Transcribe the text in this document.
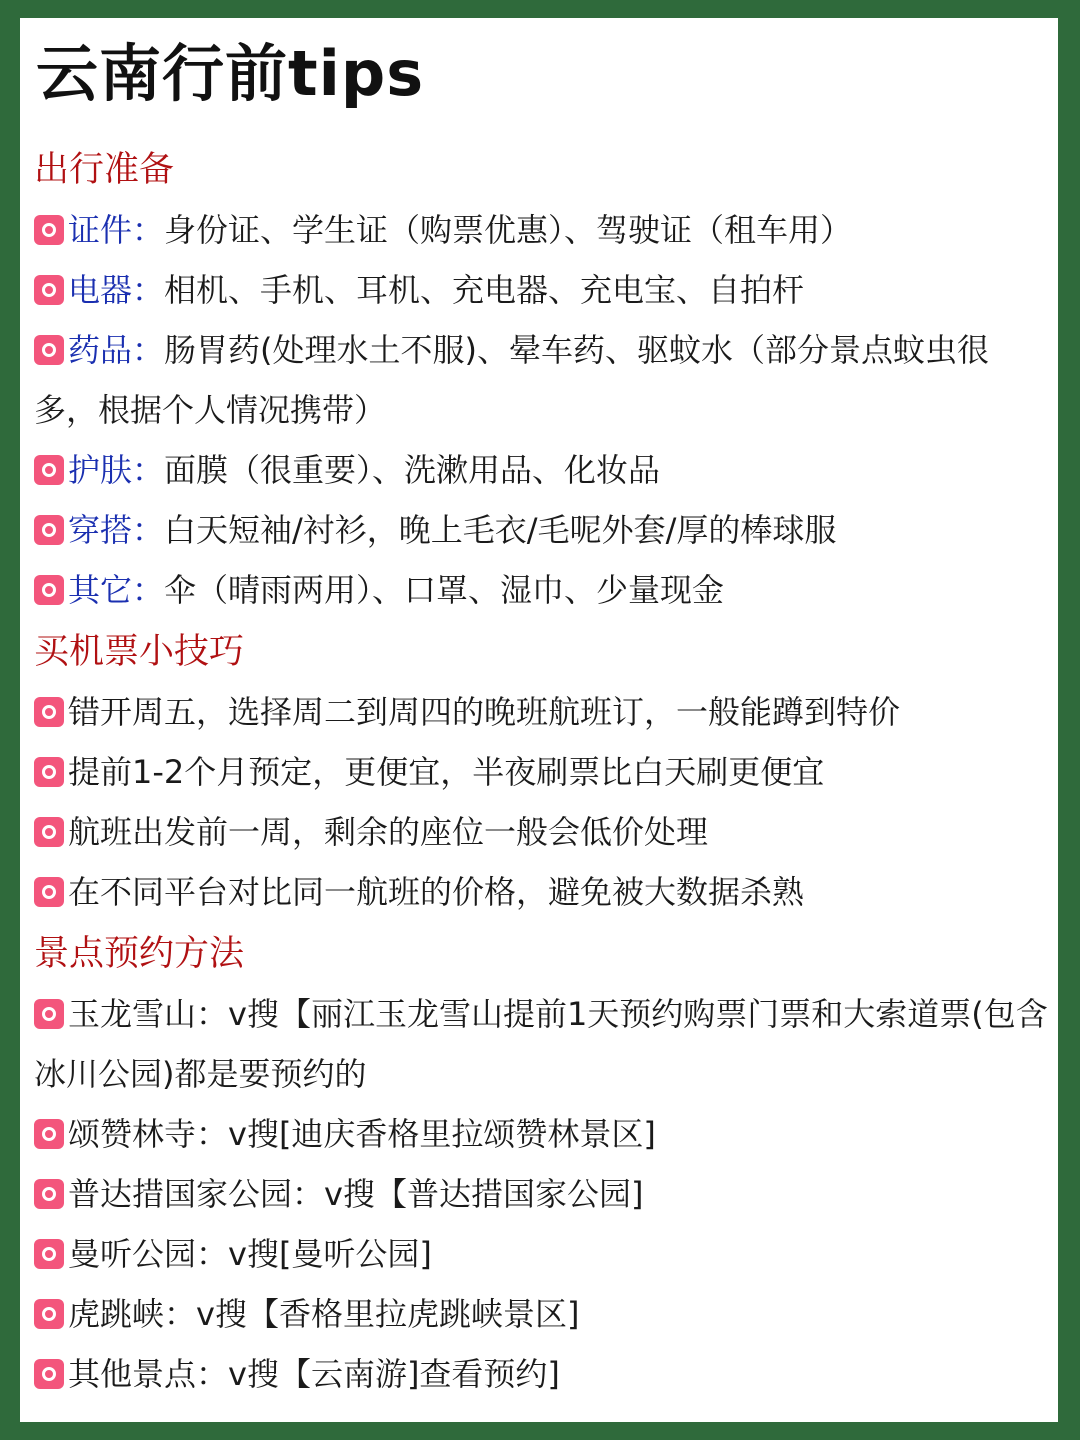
云南行前tips
出行准备
证件：身份证、学生证（购票优惠）、驾驶证（租车用）
电器：相机、手机、耳机、充电器、充电宝、自拍杆
药品：肠胃药(处理水土不服)、晕车药、驱蚊水（部分景点蚊虫很多，根据个人情况携带）
护肤：面膜（很重要）、洗漱用品、化妆品
穿搭：白天短袖/衬衫，晚上毛衣/毛呢外套/厚的棒球服
其它：伞（晴雨两用）、口罩、湿巾、少量现金
买机票小技巧
错开周五，选择周二到周四的晚班航班订，一般能蹲到特价
提前1-2个月预定，更便宜，半夜刷票比白天刷更便宜
航班出发前一周，剩余的座位一般会低价处理
在不同平台对比同一航班的价格，避免被大数据杀熟
景点预约方法
玉龙雪山：v搜【丽江玉龙雪山提前1天预约购票门票和大索道票(包含冰川公园)都是要预约的
颂赞林寺：v搜[迪庆香格里拉颂赞林景区]
普达措国家公园：v搜【普达措国家公园]
曼听公园：v搜[曼听公园]
虎跳峡：v搜【香格里拉虎跳峡景区]
其他景点：v搜【云南游]查看预约]
